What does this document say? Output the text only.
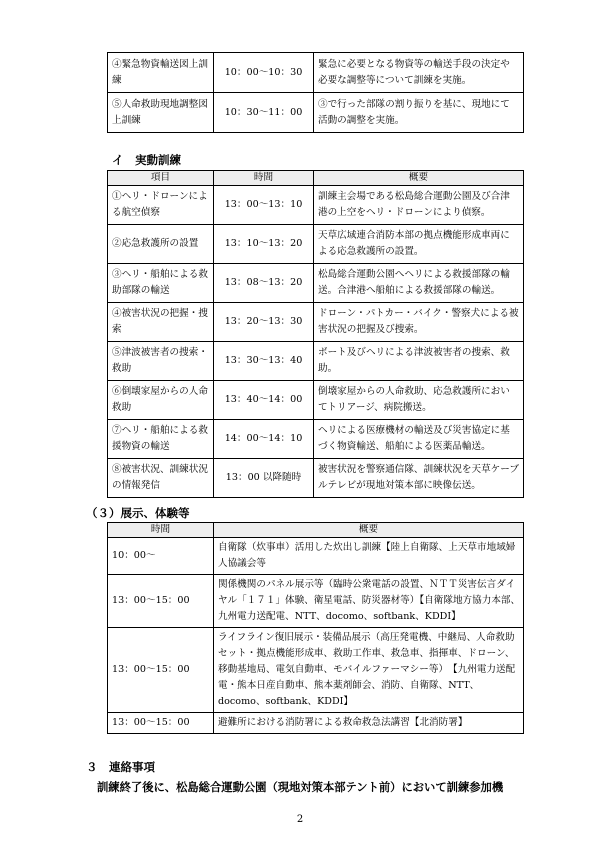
④緊急物資輸送図上訓練	10：00～10：30	緊急に必要となる物資等の輸送手段の決定や必要な調整等について訓練を実施。
⑤人命救助現地調整図上訓練	10：30～11：00	③で行った部隊の割り振りを基に、現地にて活動の調整を実施。
イ　実動訓練
項目	時間	概要
①ヘリ・ドローンによる航空偵察	13：00～13：10	訓練主会場である松島総合運動公園及び合津港の上空をヘリ・ドローンにより偵察。
②応急救護所の設置	13：10～13：20	天草広域連合消防本部の拠点機能形成車両による応急救護所の設置。
③ヘリ・船舶による救助部隊の輸送	13：08～13：20	松島総合運動公園へヘリによる救援部隊の輸送。合津港へ船舶による救援部隊の輸送。
④被害状況の把握・捜索	13：20～13：30	ドローン・パトカー・バイク・警察犬による被害状況の把握及び捜索。
⑤津波被害者の捜索・救助	13：30～13：40	ボート及びヘリによる津波被害者の捜索、救助。
⑥倒壊家屋からの人命救助	13：40～14：00	倒壊家屋からの人命救助、応急救護所においてトリアージ、病院搬送。
⑦ヘリ・船舶による救援物資の輸送	14：00～14：10	ヘリによる医療機材の輸送及び災害協定に基づく物資輸送、船舶による医薬品輸送。
⑧被害状況、訓練状況の情報発信	13：00 以降随時	被害状況を警察通信隊、訓練状況を天草ケーブルテレビが現地対策本部に映像伝送。
（３）展示、体験等
時間	概要
10：00～	自衛隊（炊事車）活用した炊出し訓練【陸上自衛隊、上天草市地域婦人協議会等
13：00～15：00	関係機関のパネル展示等（臨時公衆電話の設置、ＮＴＴ災害伝言ダイヤル「１７１」体験、衛星電話、防災器材等）【自衛隊地方協力本部、　九州電力送配電、NTT、docomo、softbank、KDDI】
13：00～15：00	ライフライン復旧展示・装備品展示（高圧発電機、中継局、人命救助セット・拠点機能形成車、救助工作車、救急車、指揮車、ドローン、移動基地局、電気自動車、モバイルファーマシー等）　【九州電力送配電・熊本日産自動車、熊本薬剤師会、消防、自衛隊、NTT、docomo、softbank、KDDI】
13：00～15：00	避難所における消防署による救命救急法講習【北消防署】
３　連絡事項
訓練終了後に、松島総合運動公園（現地対策本部テント前）において訓練参加機
2
